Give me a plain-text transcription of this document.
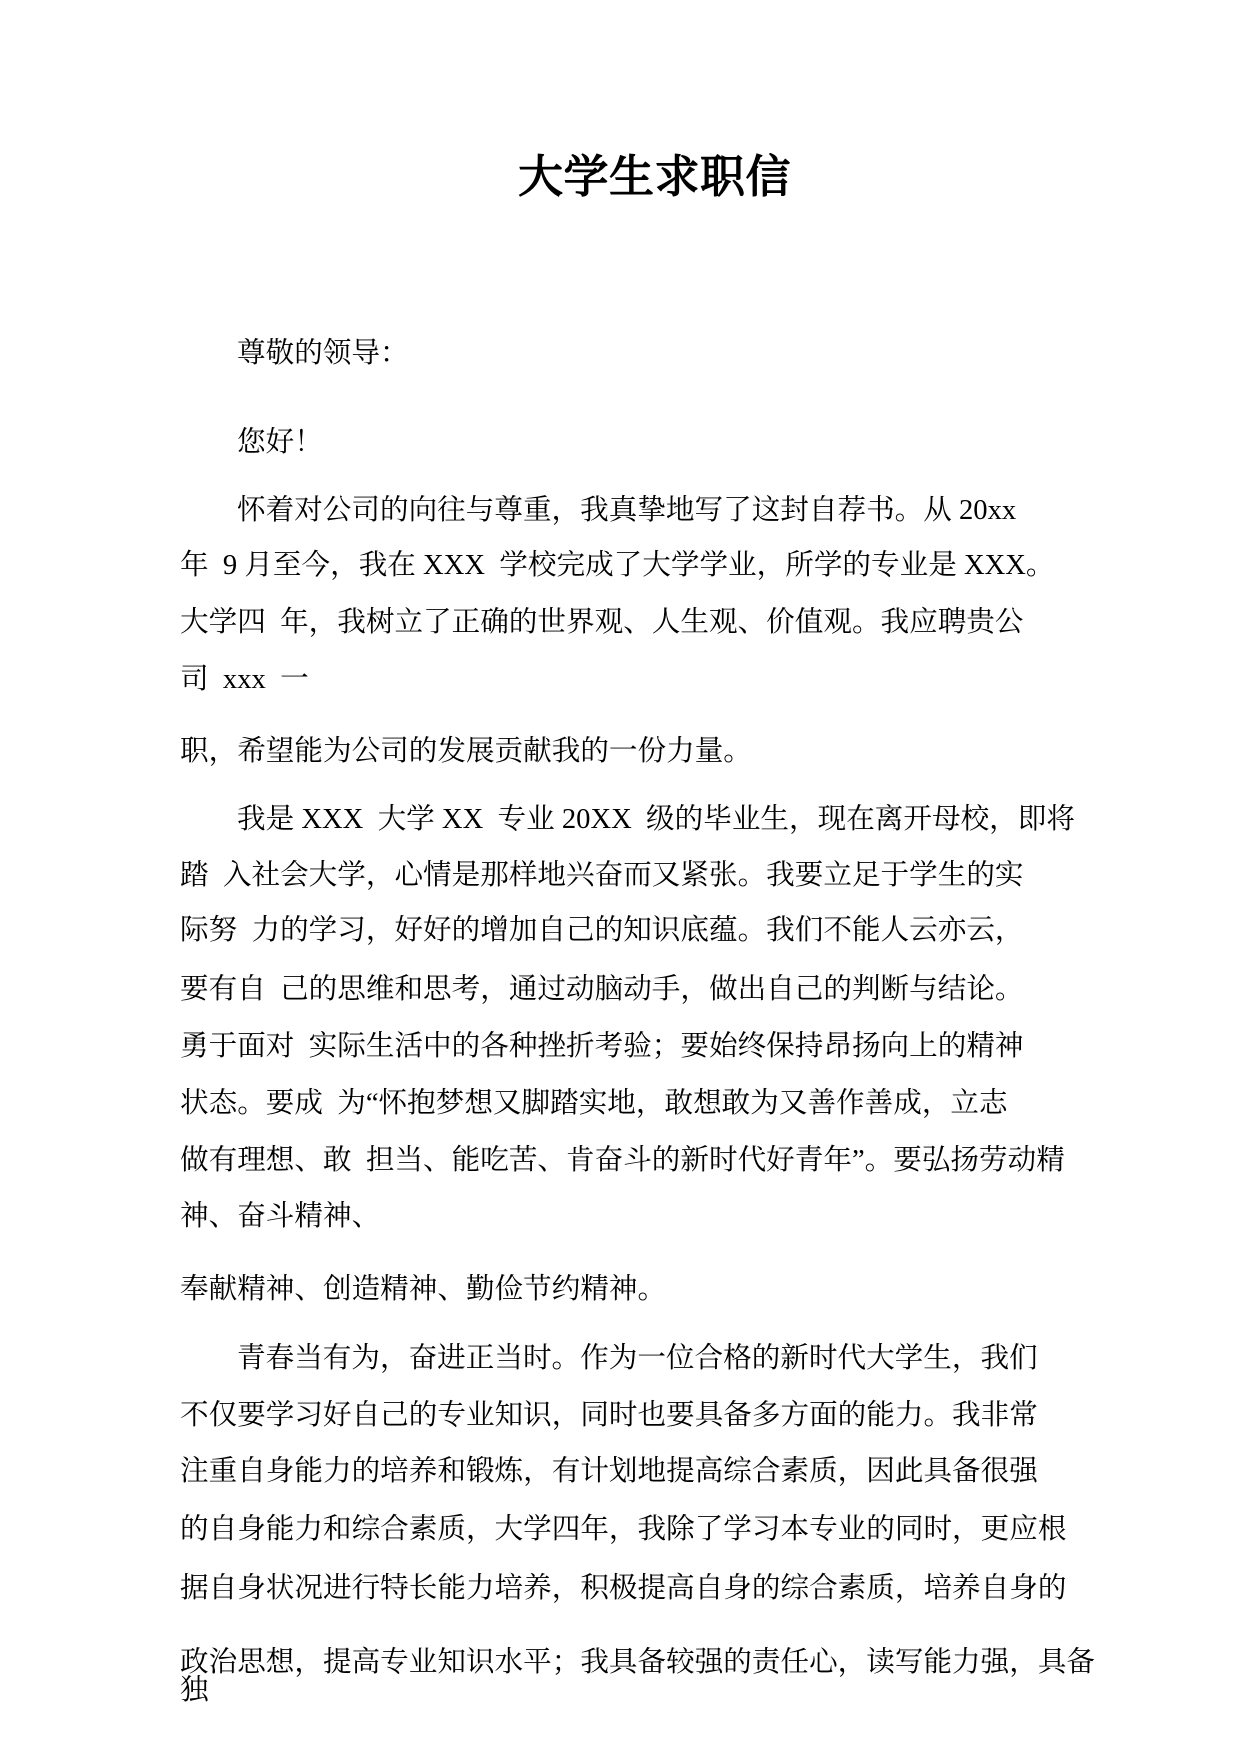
大学生求职信
尊敬的领导：
您好！
怀着对公司的向往与尊重，我真挚地写了这封自荐书。从 20xx
年  9 月至今，我在 XXX  学校完成了大学学业，所学的专业是 XXX。
大学四  年，我树立了正确的世界观、人生观、价值观。我应聘贵公
司  xxx  一
职，希望能为公司的发展贡献我的一份力量。
我是 XXX  大学 XX  专业 20XX  级的毕业生，现在离开母校，即将
踏  入社会大学，心情是那样地兴奋而又紧张。我要立足于学生的实
际努  力的学习，好好的增加自己的知识底蕴。我们不能人云亦云，
要有自  己的思维和思考，通过动脑动手，做出自己的判断与结论。
勇于面对  实际生活中的各种挫折考验；要始终保持昂扬向上的精神
状态。要成  为“怀抱梦想又脚踏实地，敢想敢为又善作善成，立志
做有理想、敢  担当、能吃苦、肯奋斗的新时代好青年”。要弘扬劳动精
神、奋斗精神、
奉献精神、创造精神、勤俭节约精神。
青春当有为，奋进正当时。作为一位合格的新时代大学生，我们
不仅要学习好自己的专业知识，同时也要具备多方面的能力。我非常
注重自身能力的培养和锻炼，有计划地提高综合素质，因此具备很强
的自身能力和综合素质，大学四年，我除了学习本专业的同时，更应根
据自身状况进行特长能力培养，积极提高自身的综合素质，培养自身的
政治思想，提高专业知识水平；我具备较强的责任心，读写能力强，具备
独
